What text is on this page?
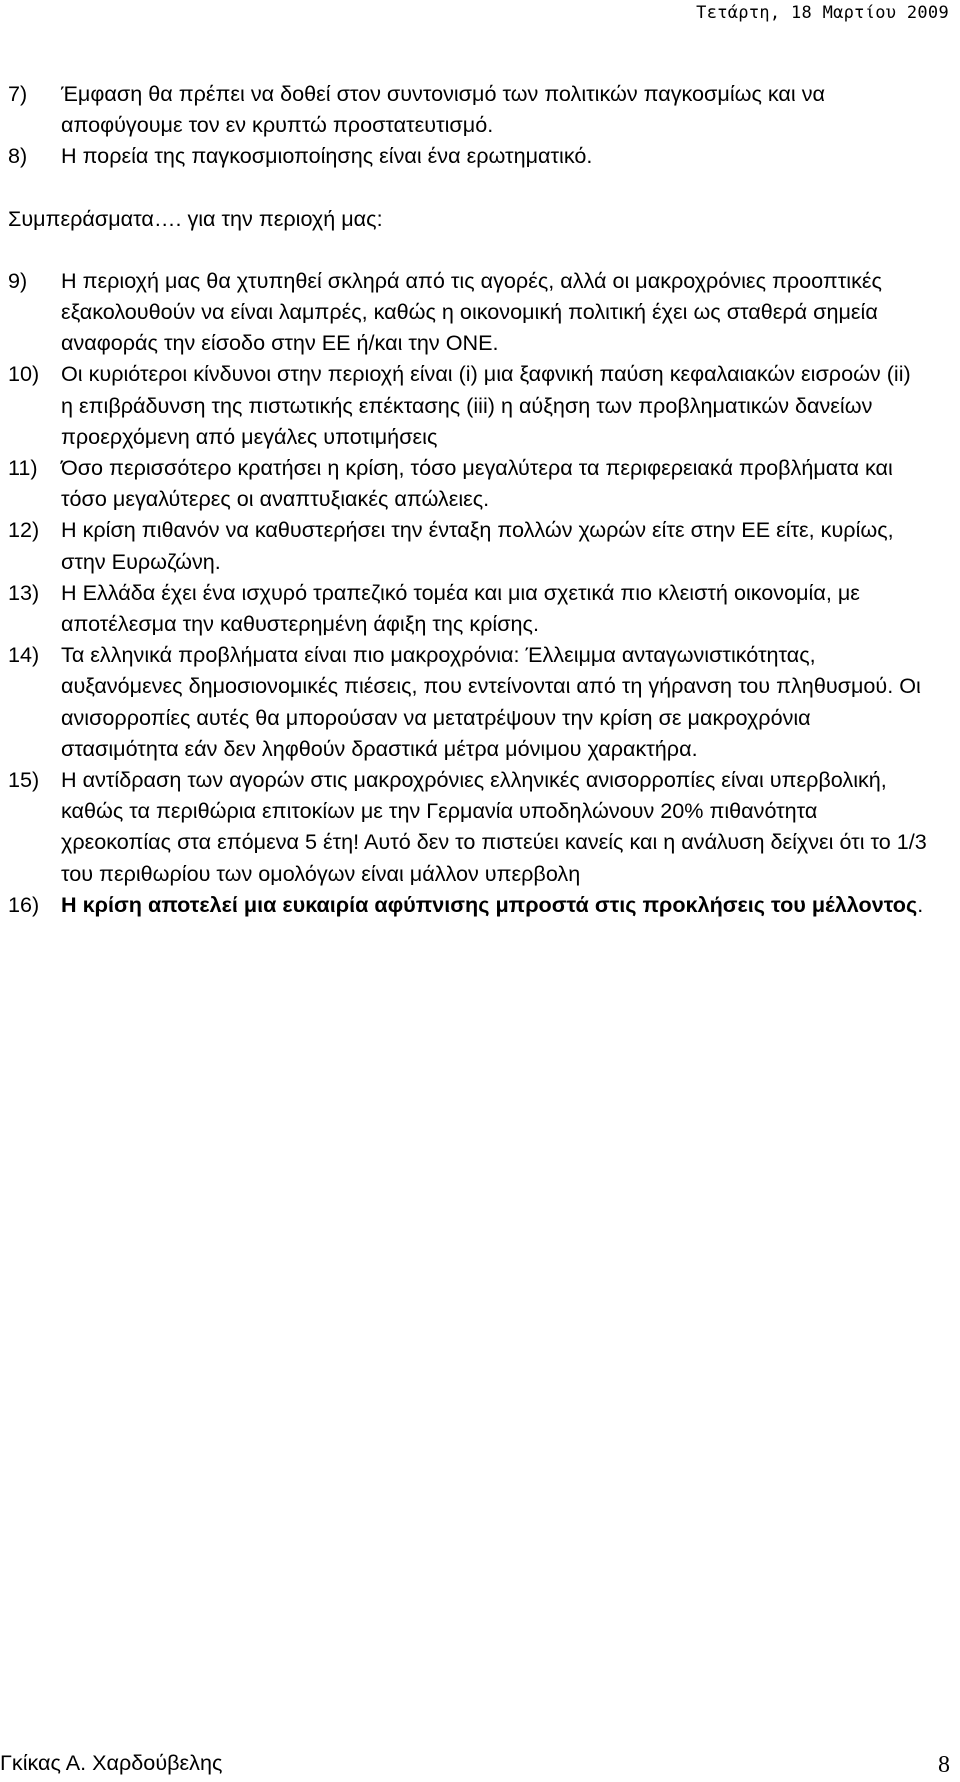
Τετάρτη, 18 Μαρτίου 2009
7)	Έμφαση θα πρέπει να δοθεί στον συντονισμό των πολιτικών παγκοσμίως και να αποφύγουμε τον εν κρυπτώ προστατευτισμό.
8)	Η πορεία της παγκοσμιοποίησης είναι ένα ερωτηματικό.
Συμπεράσματα…. για την περιοχή μας:
9)	Η περιοχή μας θα χτυπηθεί σκληρά από τις αγορές, αλλά οι μακροχρόνιες προοπτικές εξακολουθούν να είναι λαμπρές, καθώς η οικονομική πολιτική έχει ως σταθερά σημεία αναφοράς την είσοδο στην ΕΕ ή/και την ΟΝΕ.
10)	Οι κυριότεροι κίνδυνοι στην περιοχή είναι (i) μια ξαφνική παύση κεφαλαιακών εισροών (ii) η επιβράδυνση της πιστωτικής επέκτασης (iii) η αύξηση των προβληματικών δανείων προερχόμενη από μεγάλες υποτιμήσεις
11)	Όσο περισσότερο κρατήσει η κρίση, τόσο μεγαλύτερα τα περιφερειακά προβλήματα και τόσο μεγαλύτερες οι αναπτυξιακές απώλειες.
12)	Η κρίση πιθανόν να καθυστερήσει την ένταξη πολλών χωρών είτε στην ΕΕ είτε, κυρίως, στην Ευρωζώνη.
13)	Η Ελλάδα έχει ένα ισχυρό τραπεζικό τομέα και μια σχετικά πιο κλειστή οικονομία, με αποτέλεσμα την καθυστερημένη άφιξη της κρίσης.
14)	Τα ελληνικά προβλήματα είναι πιο μακροχρόνια: Έλλειμμα ανταγωνιστικότητας, αυξανόμενες δημοσιονομικές πιέσεις, που εντείνονται από τη γήρανση του πληθυσμού. Οι ανισορροπίες αυτές θα μπορούσαν να μετατρέψουν την κρίση σε μακροχρόνια στασιμότητα εάν δεν ληφθούν δραστικά μέτρα μόνιμου χαρακτήρα.
15)	Η αντίδραση των αγορών στις μακροχρόνιες ελληνικές ανισορροπίες είναι υπερβολική, καθώς τα περιθώρια επιτοκίων με την Γερμανία υποδηλώνουν 20% πιθανότητα χρεοκοπίας στα επόμενα 5 έτη! Αυτό δεν το πιστεύει κανείς και η ανάλυση δείχνει ότι το 1/3 του περιθωρίου των ομολόγων είναι μάλλον υπερβολη
16)	Η κρίση αποτελεί μια ευκαιρία αφύπνισης μπροστά στις προκλήσεις του μέλλοντος.
Γκίκας Α. Χαρδούβελης	8
